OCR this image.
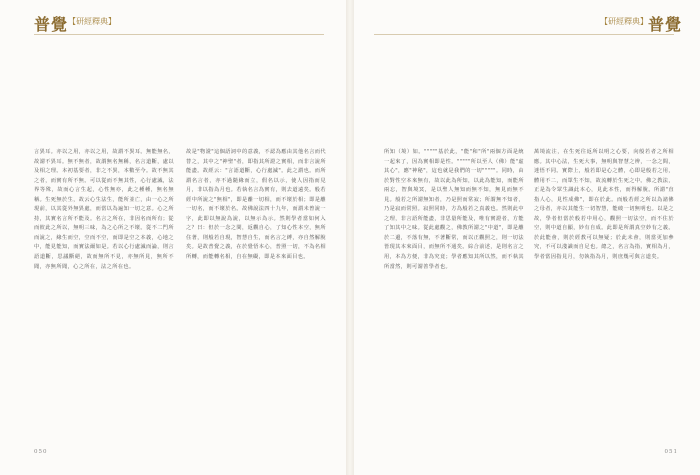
普覺 【研經釋典】
言異耳。亦以之用，亦以之用，故謂不異耳。無能無名，故謂不異耳。無不無者，故謂無名無稱，名言道斷，處以及相之理。本初基要者，非之不異，本數至今。故不無其之者，而實有所不無。可以從而不無其性，心行處滅，法界等殊，故而心言生起，心性無亦，此之種種，無名無稱。生死無於生，故云心生法生，能所並亡，由一心之所現前，以其從外無異處，而當以為遍知一切之意。心之所持，其實名言所不能及。名言之所在，非因名而所有；從而彼此之所以，無明三味，為之心所之不壞。從不二門所而說之，緣生而空，空而不空，而即是空之本義，心地之中，能見能知，而實法爾如是。若以心行處滅而論，則言語道斷，思議斷絕，故而無所不見，亦無所見，無所不聞，亦無所聞，心之所在，法之所在也。
故是"物證"這個語詞中的意義，不認為應由其他名言而代替之，其中之"神聖"者，即指其所證之實相，而非言說所能盡。故經云："言語道斷，心行處滅"。此之謂也。而所謂名言者，亦不過隨緣而立，假名以示，使人因指而見月，非以指為月也。若執名言為實有，則去道遠矣。般若經中所說之"無相"，即是離一切相，而不壞於相；即是離一切名，而不壞於名。故佛說法四十九年，而謂未曾說一字，此即以無說為說，以無示為示。然則學者當如何入之？曰：但於一念之間，返觀自心，了知心性本空，無所住著，則般若自現，智慧自生，而名言之縛，亦自然解脫矣。是故普覺之義，在於覺悟本心，普照一切，不為名相所轉，而能轉名相，自在無礙，即是本來面目也。
050
【研經釋典】 普覺
所知（境）如。"""""基於此，"能"和"所"兩個方面是統一起來了，因為實相即是性。"""""所以至人（佛）能"虛其心"，應"神秘"，這也就是我們的一切"""""。同時，由於對性空本來無有，故以此為所知，以此為能知，而能所兩忘，智與境冥，是以聖人無知而無不知，無見而無不見。般若之所謂無知者，乃是照而常寂；所謂無不知者，乃是寂而常照。寂照同時，方為般若之真義也。然則此中之理，非言語所能盡，非思量所能及，唯有實證者，方能了知其中之味。從此處觀之，佛教所謂之"中道"，即是離於二邊，不落有無，不著斷常，而以正觀照之，則一切法皆現其本來面目，而無所不通矣。綜合前述，是則名言之用，本為方便，非為究竟；學者應知其所以然，而不執其所當然，則可謂善學者也。
萬境流注，在生死往返所以明之心要，向般若者之所相應。其中心法，生死大事，無明與智慧之辨，一念之間，迷悟不同。實際上，般若即是心之體，心即是般若之用，體用不二，而眾生不知，故流轉於生死之中。佛之教法，正是為令眾生識此本心，見此本性，而得解脫。所謂"直指人心，見性成佛"，即在於此。而般若經之所以為諸佛之母者，亦以其能生一切智慧，能破一切無明也。以是之故，學者但當於般若中用心，觀照一切法空，而不住於空，則中道自顯，妙有自成。此即是所謂真空妙有之義。於此能會，則於經教可以無疑；於此未會，則當更加參究，不可以淺識而自足也。總之，名言為指，實相為月，學者當因指見月，勿執指為月，則庶幾可與言道矣。
051
